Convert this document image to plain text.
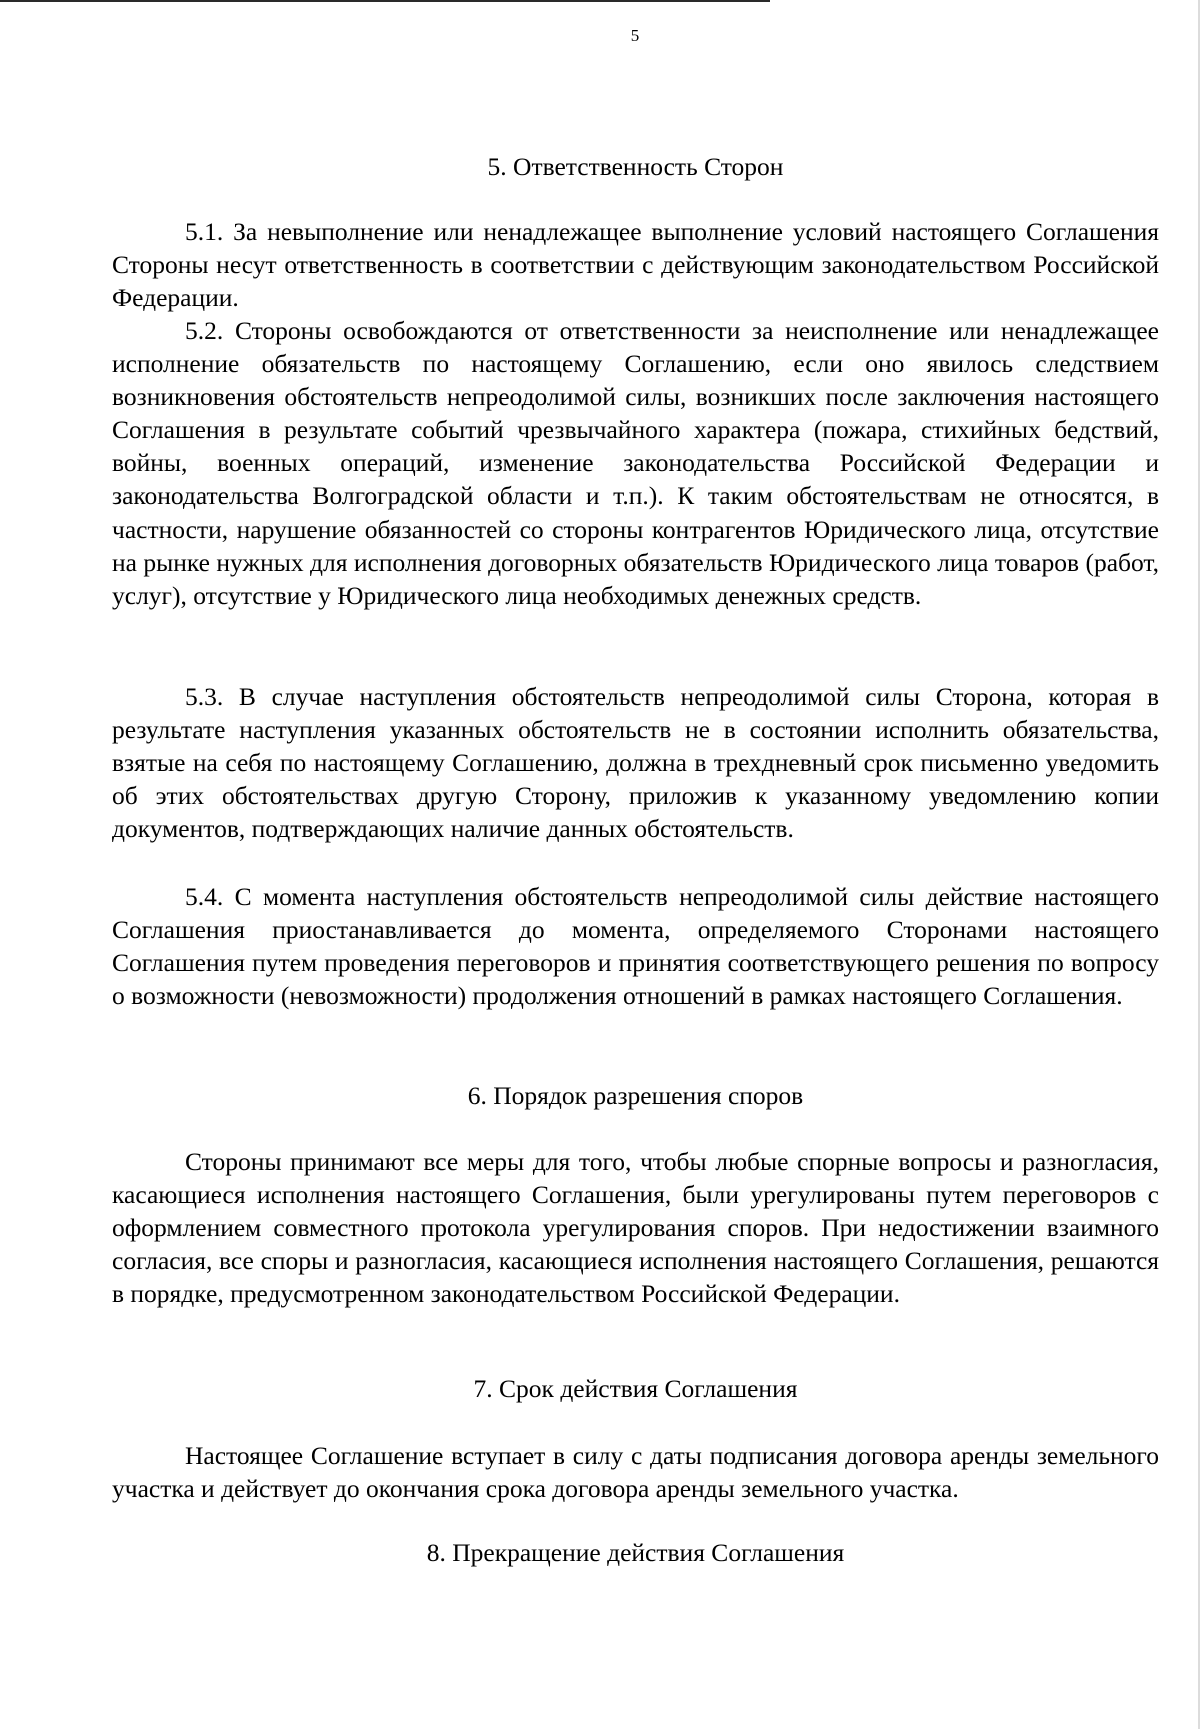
5
5. Ответственность Сторон

5.1. За невыполнение или ненадлежащее выполнение условий настоящего Соглашения Стороны несут ответственность в соответствии с действующим законодательством Российской Федерации.

5.2. Стороны освобождаются от ответственности за неисполнение или ненадлежащее исполнение обязательств по настоящему Соглашению, если оно явилось следствием возникновения обстоятельств непреодолимой силы, возникших после заключения настоящего Соглашения в результате событий чрезвычайного характера (пожара, стихийных бедствий, войны, военных операций, изменение законодательства Российской Федерации и законодательства Волгоградской области и т.п.). К таким обстоятельствам не относятся, в частности, нарушение обязанностей со стороны контрагентов Юридического лица, отсутствие на рынке нужных для исполнения договорных обязательств Юридического лица товаров (работ, услуг), отсутствие у Юридического лица необходимых денежных средств.

5.3. В случае наступления обстоятельств непреодолимой силы Сторона, которая в результате наступления указанных обстоятельств не в состоянии исполнить обязательства, взятые на себя по настоящему Соглашению, должна в трехдневный срок письменно уведомить об этих обстоятельствах другую Сторону, приложив к указанному уведомлению копии документов, подтверждающих наличие данных обстоятельств.

5.4. С момента наступления обстоятельств непреодолимой силы действие настоящего Соглашения приостанавливается до момента, определяемого Сторонами настоящего Соглашения путем проведения переговоров и принятия соответствующего решения по вопросу о возможности (невозможности) продолжения отношений в рамках настоящего Соглашения.

6. Порядок разрешения споров

Стороны принимают все меры для того, чтобы любые спорные вопросы и разногласия, касающиеся исполнения настоящего Соглашения, были урегулированы путем переговоров с оформлением совместного протокола урегулирования споров. При недостижении взаимного согласия, все споры и разногласия, касающиеся исполнения настоящего Соглашения, решаются в порядке, предусмотренном законодательством Российской Федерации.

7. Срок действия Соглашения

Настоящее Соглашение вступает в силу с даты подписания договора аренды земельного участка и действует до окончания срока договора аренды земельного участка.

8. Прекращение действия Соглашения
